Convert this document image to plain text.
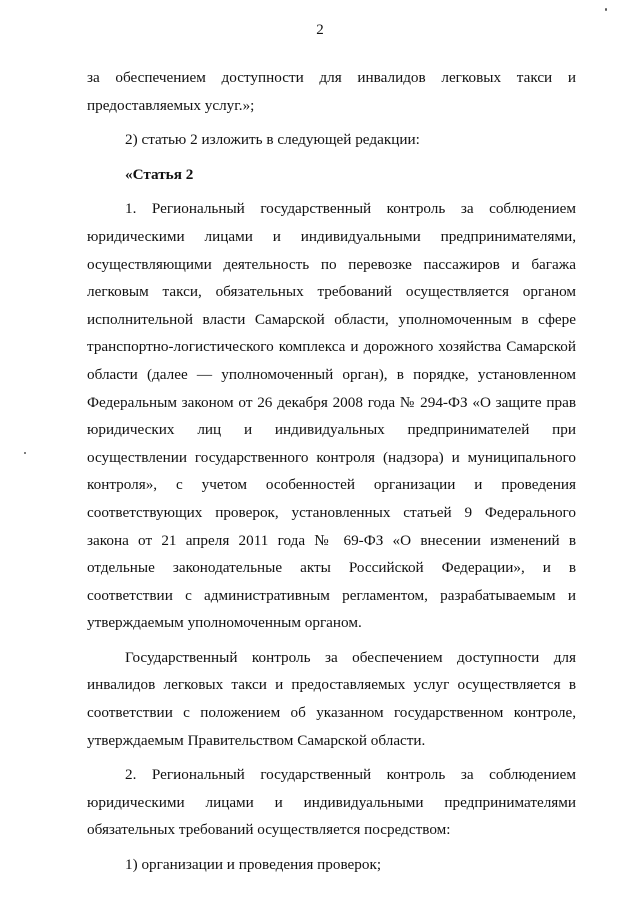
2

за обеспечением доступности для инвалидов легковых такси и предоставляемых услуг.»;

2) статью 2 изложить в следующей редакции:

«Статья 2

1. Региональный государственный контроль за соблюдением юридическими лицами и индивидуальными предпринимателями, осуществляющими деятельность по перевозке пассажиров и багажа легковым такси, обязательных требований осуществляется органом исполнительной власти Самарской области, уполномоченным в сфере транспортно-логистического комплекса и дорожного хозяйства Самарской области (далее — уполномоченный орган), в порядке, установленном Федеральным законом от 26 декабря 2008 года № 294-ФЗ «О защите прав юридических лиц и индивидуальных предпринимателей при осуществлении государственного контроля (надзора) и муниципального контроля», с учетом особенностей организации и проведения соответствующих проверок, установленных статьей 9 Федерального закона от 21 апреля 2011 года № 69-ФЗ «О внесении изменений в отдельные законодательные акты Российской Федерации», и в соответствии с административным регламентом, разрабатываемым и утверждаемым уполномоченным органом.

Государственный контроль за обеспечением доступности для инвалидов легковых такси и предоставляемых услуг осуществляется в соответствии с положением об указанном государственном контроле, утверждаемым Правительством Самарской области.

2. Региональный государственный контроль за соблюдением юридическими лицами и индивидуальными предпринимателями обязательных требований осуществляется посредством:

1) организации и проведения проверок;
